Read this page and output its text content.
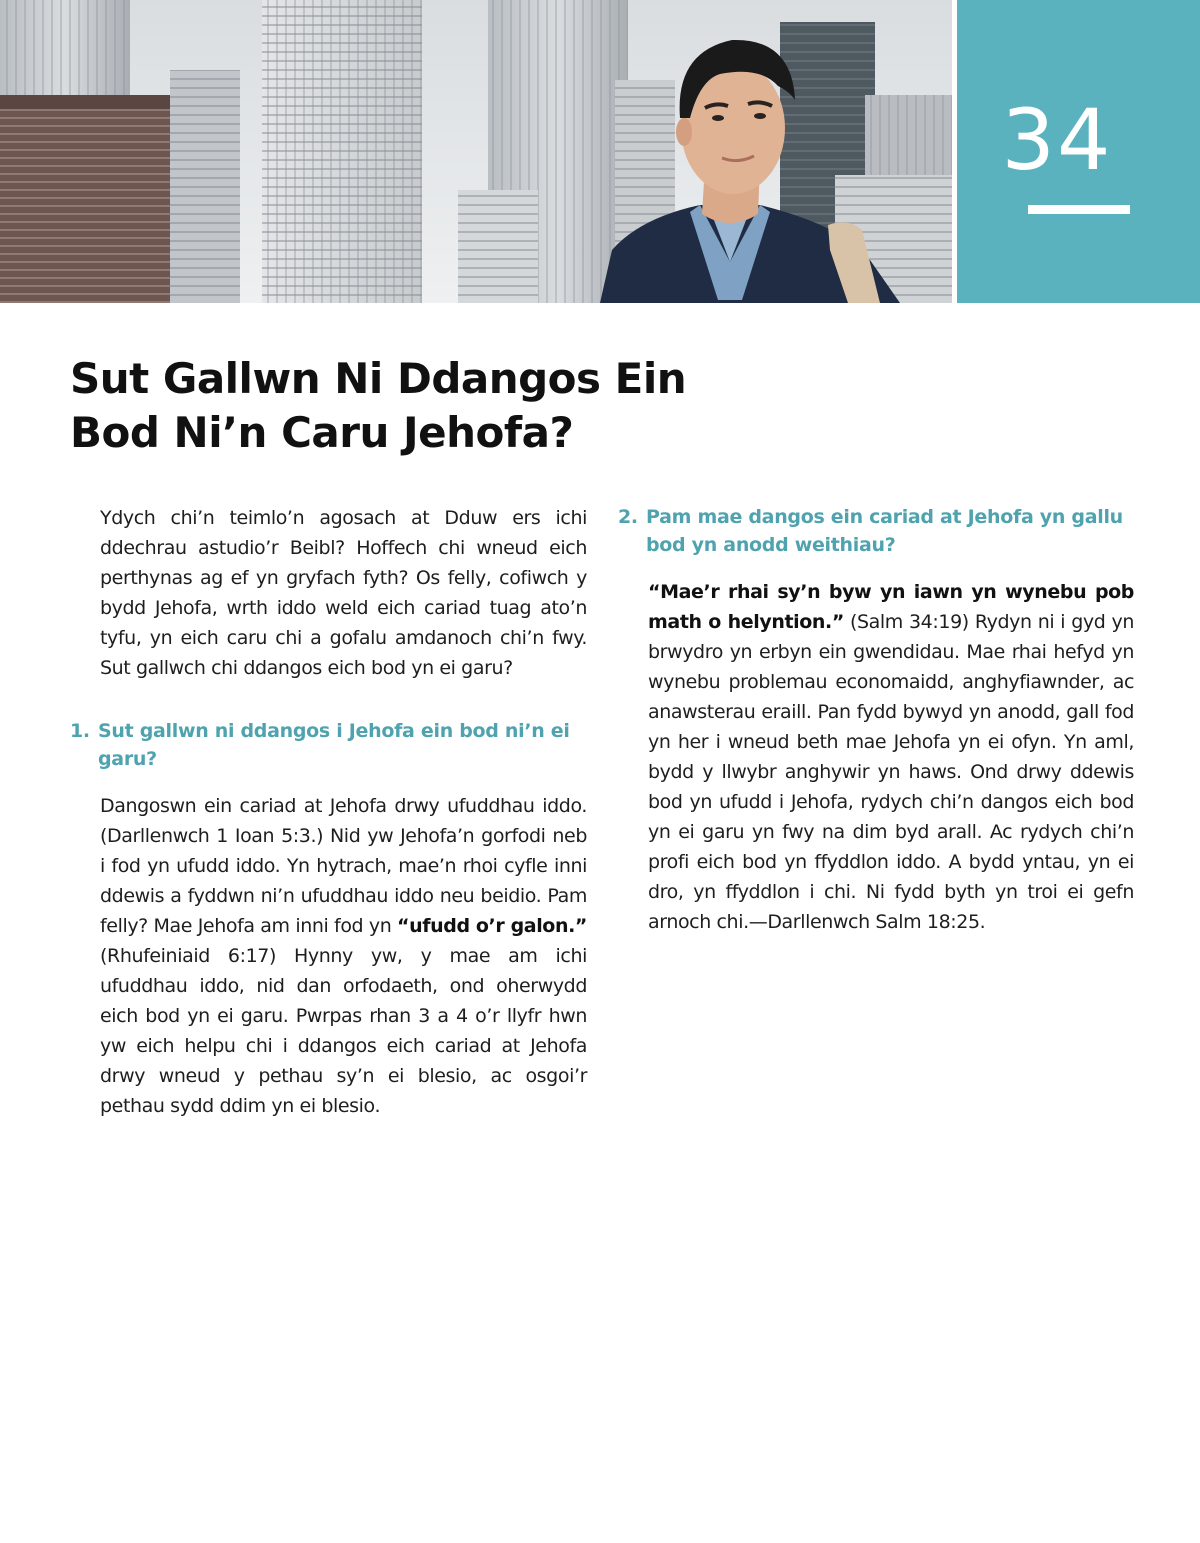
34
Sut Gallwn Ni Ddangos Ein
Bod Ni’n Caru Jehofa?

Ydych chi’n teimlo’n agosach at Dduw ers ichi ddechrau astudio’r Beibl? Hoffech chi wneud eich perthynas ag ef yn gryfach fyth? Os felly, cofiwch y bydd Jehofa, wrth iddo weld eich cariad tuag ato’n tyfu, yn eich caru chi a gofalu amdanoch chi’n fwy. Sut gallwch chi ddangos eich bod yn ei garu?

1. Sut gallwn ni ddangos i Jehofa ein bod ni’n ei garu?

Dangoswn ein cariad at Jehofa drwy ufuddhau iddo. (Darllenwch 1 Ioan 5:3.) Nid yw Jehofa’n gorfodi neb i fod yn ufudd iddo. Yn hytrach, mae’n rhoi cyfle inni ddewis a fyddwn ni’n ufuddhau iddo neu beidio. Pam felly? Mae Jehofa am inni fod yn “ufudd o’r galon.” (Rhufeiniaid 6:17) Hynny yw, y mae am ichi ufuddhau iddo, nid dan orfodaeth, ond oherwydd eich bod yn ei garu. Pwrpas rhan 3 a 4 o’r llyfr hwn yw eich helpu chi i ddangos eich cariad at Jehofa drwy wneud y pethau sy’n ei blesio, ac osgoi’r pethau sydd ddim yn ei blesio.

2. Pam mae dangos ein cariad at Jehofa yn gallu bod yn anodd weithiau?

“Mae’r rhai sy’n byw yn iawn yn wynebu pob math o helyntion.” (Salm 34:19) Rydyn ni i gyd yn brwydro yn erbyn ein gwendidau. Mae rhai hefyd yn wynebu problemau economaidd, anghyfiawnder, ac anawsterau eraill. Pan fydd bywyd yn anodd, gall fod yn her i wneud beth mae Jehofa yn ei ofyn. Yn aml, bydd y llwybr anghywir yn haws. Ond drwy ddewis bod yn ufudd i Jehofa, rydych chi’n dangos eich bod yn ei garu yn fwy na dim byd arall. Ac rydych chi’n profi eich bod yn ffyddlon iddo. A bydd yntau, yn ei dro, yn ffyddlon i chi. Ni fydd byth yn troi ei gefn arnoch chi.—Darllenwch Salm 18:25.
